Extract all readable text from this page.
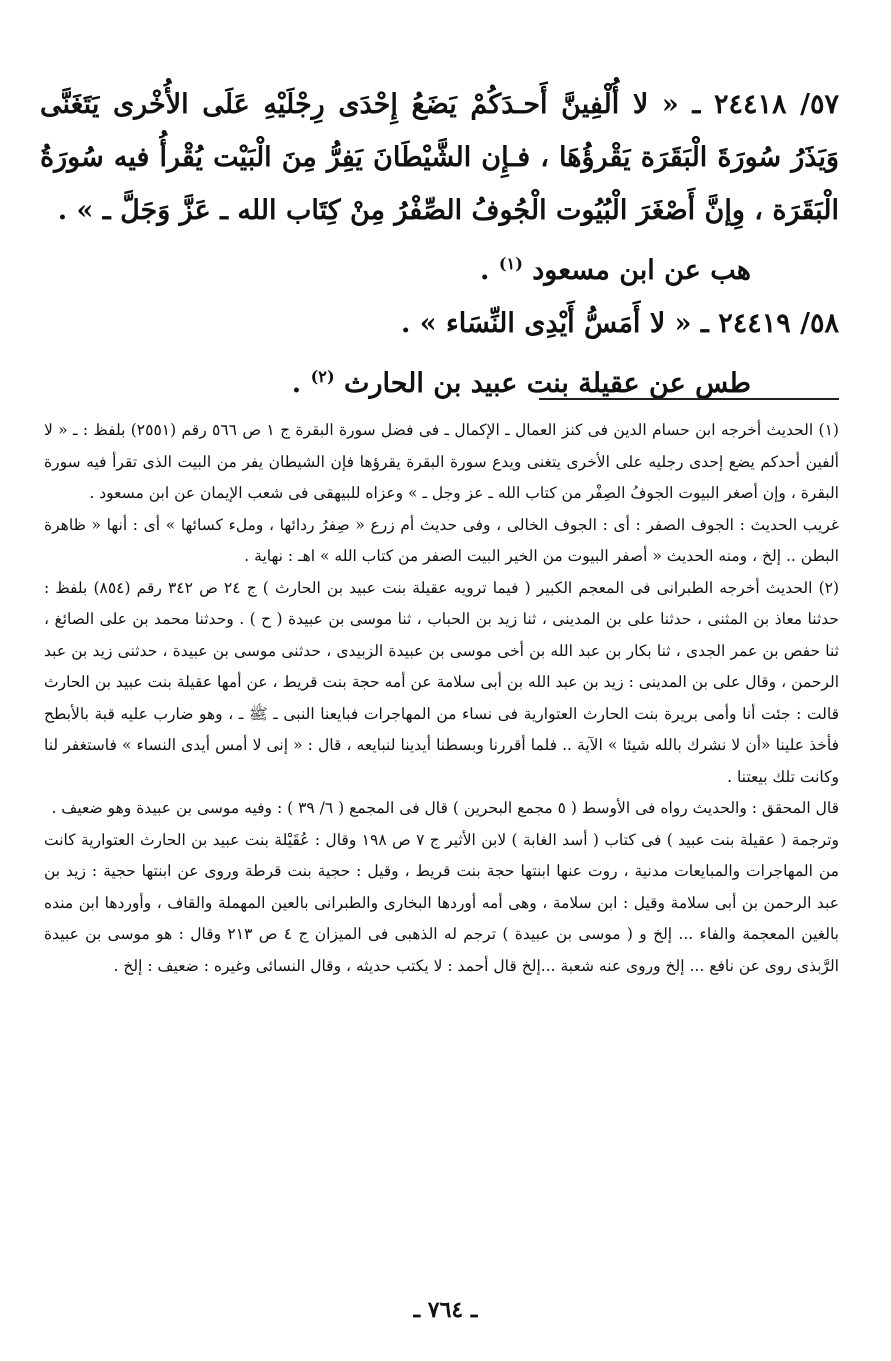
٥٧/ ٢٤٤١٨ ـ « لا أُلْفِينَّ أَحـدَكُمْ يَضَعُ إِحْدَى رِجْلَيْهِ عَلَى الأُخْرى يَتَغَنَّى وَيَذَرُ سُورَةَ الْبَقَرَة يَقْرؤُهَا ، فـإِن الشَّيْطَانَ يَفِرُّ مِنَ الْبَيْت يُقْرأُ فيه سُورَةُ الْبَقَرَة ، وِإنَّ أَصْغَرَ الْبُيُوت الْجُوفُ الصِّفْرُ مِنْ كِتَاب الله ـ عَزَّ وَجَلَّ ـ » .

هب عن ابن مسعود $^{(١)}$ .

٥٨/ ٢٤٤١٩ ـ « لا أَمَسُّ أَيْدِى النِّسَاء » .

طس عن عقيلة بنت عبيد بن الحارث $^{(٢)}$ .

(١) الحديث أخرجه ابن حسام الدين فى كنز العمال ـ الإكمال ـ فى فضل سورة البقرة ج ١ ص ٥٦٦ رقم (٢٥٥١) بلفظ : ـ « لا ألفين أحدكم يضع إحدى رجليه على الأخرى يتغنى ويدع سورة البقرة يقرؤها فإن الشيطان يفر من البيت الذى تقرأ فيه سورة البقرة ، وإن أصغر البيوت الجوفُ الصِفْر من كتاب الله ـ عز وجل ـ » وعزاه للبيهقى فى شعب الإيمان عن ابن مسعود .

غريب الحديث : الجوف الصفر : أى : الجوف الخالى ، وفى حديث أم زرع « صِفرُ ردائها ، وملء كسائها » أى : أنها « ظاهرة البطن .. إلخ ، ومنه الحديث « أصفر البيوت من الخير البيت الصفر من كتاب الله » اهـ : نهاية .

(٢) الحديث أخرجه الطبرانى فى المعجم الكبير ( فيما ترويه عقيلة بنت عبيد بن الحارث ) ج ٢٤ ص ٣٤٢ رقم (٨٥٤) بلفظ : حدثنا معاذ بن المثنى ، حدثنا على بن المدينى ، ثنا زيد بن الحباب ، ثنا موسى بن عبيدة ( ح ) . وحدثنا محمد بن على الصائغ ، ثنا حفص بن عمر الجدى ، ثنا بكار بن عبد الله بن أخى موسى بن عبيدة الزبيدى ، حدثنى موسى بن عبيدة ، حدثنى زيد بن عبد الرحمن ، وقال على بن المدينى : زيد بن عبد الله بن أبى سلامة عن أمه حجة بنت قريط ، عن أمها عقيلة بنت عبيد بن الحارث قالت : جئت أنا وأمى بريرة بنت الحارث العتوارية فى نساء من المهاجرات فبايعنا النبى ـ ﷺ ـ ، وهو ضارب عليه قبة بالأبطح فأخذ علينا «أن لا نشرك بالله شيئا » الآية .. فلما أقررنا وبسطنا أيدينا لنبايعه ، قال : « إنى لا أمس أيدى النساء » فاستغفر لنا وكانت تلك بيعتنا .

قال المحقق : والحديث رواه فى الأوسط ( ٥ مجمع البحرين ) قال فى المجمع ( ٦/ ٣٩ ) : وفيه موسى بن عبيدة وهو ضعيف .

وترجمة ( عقيلة بنت عبيد ) فى كتاب ( أسد الغابة ) لابن الأثير ج ٧ ص ١٩٨ وقال : عُقَيْلة بنت عبيد بن الحارث العتوارية كانت من المهاجرات والمبايعات مدنية ، روت عنها ابنتها حجة بنت قريط ، وقيل : حجية بنت قرطة وروى عن ابنتها حجية : زيد بن عبد الرحمن بن أبى سلامة وقيل : ابن سلامة ، وهى أمه أوردها البخارى والطبرانى بالعين المهملة والقاف ، وأوردها ابن منده بالغين المعجمة والفاء ... إلخ و ( موسى بن عبيدة ) ترجم له الذهبى فى الميزان ج ٤ ص ٢١٣ وقال : هو موسى بن عبيدة الرَّبذى روى عن نافع ... إلخ وروى عنه شعبة ...إلخ قال أحمد : لا يكتب حديثه ، وقال النسائى وغيره : ضعيف : إلخ .

ـ ٧٦٤ ـ
